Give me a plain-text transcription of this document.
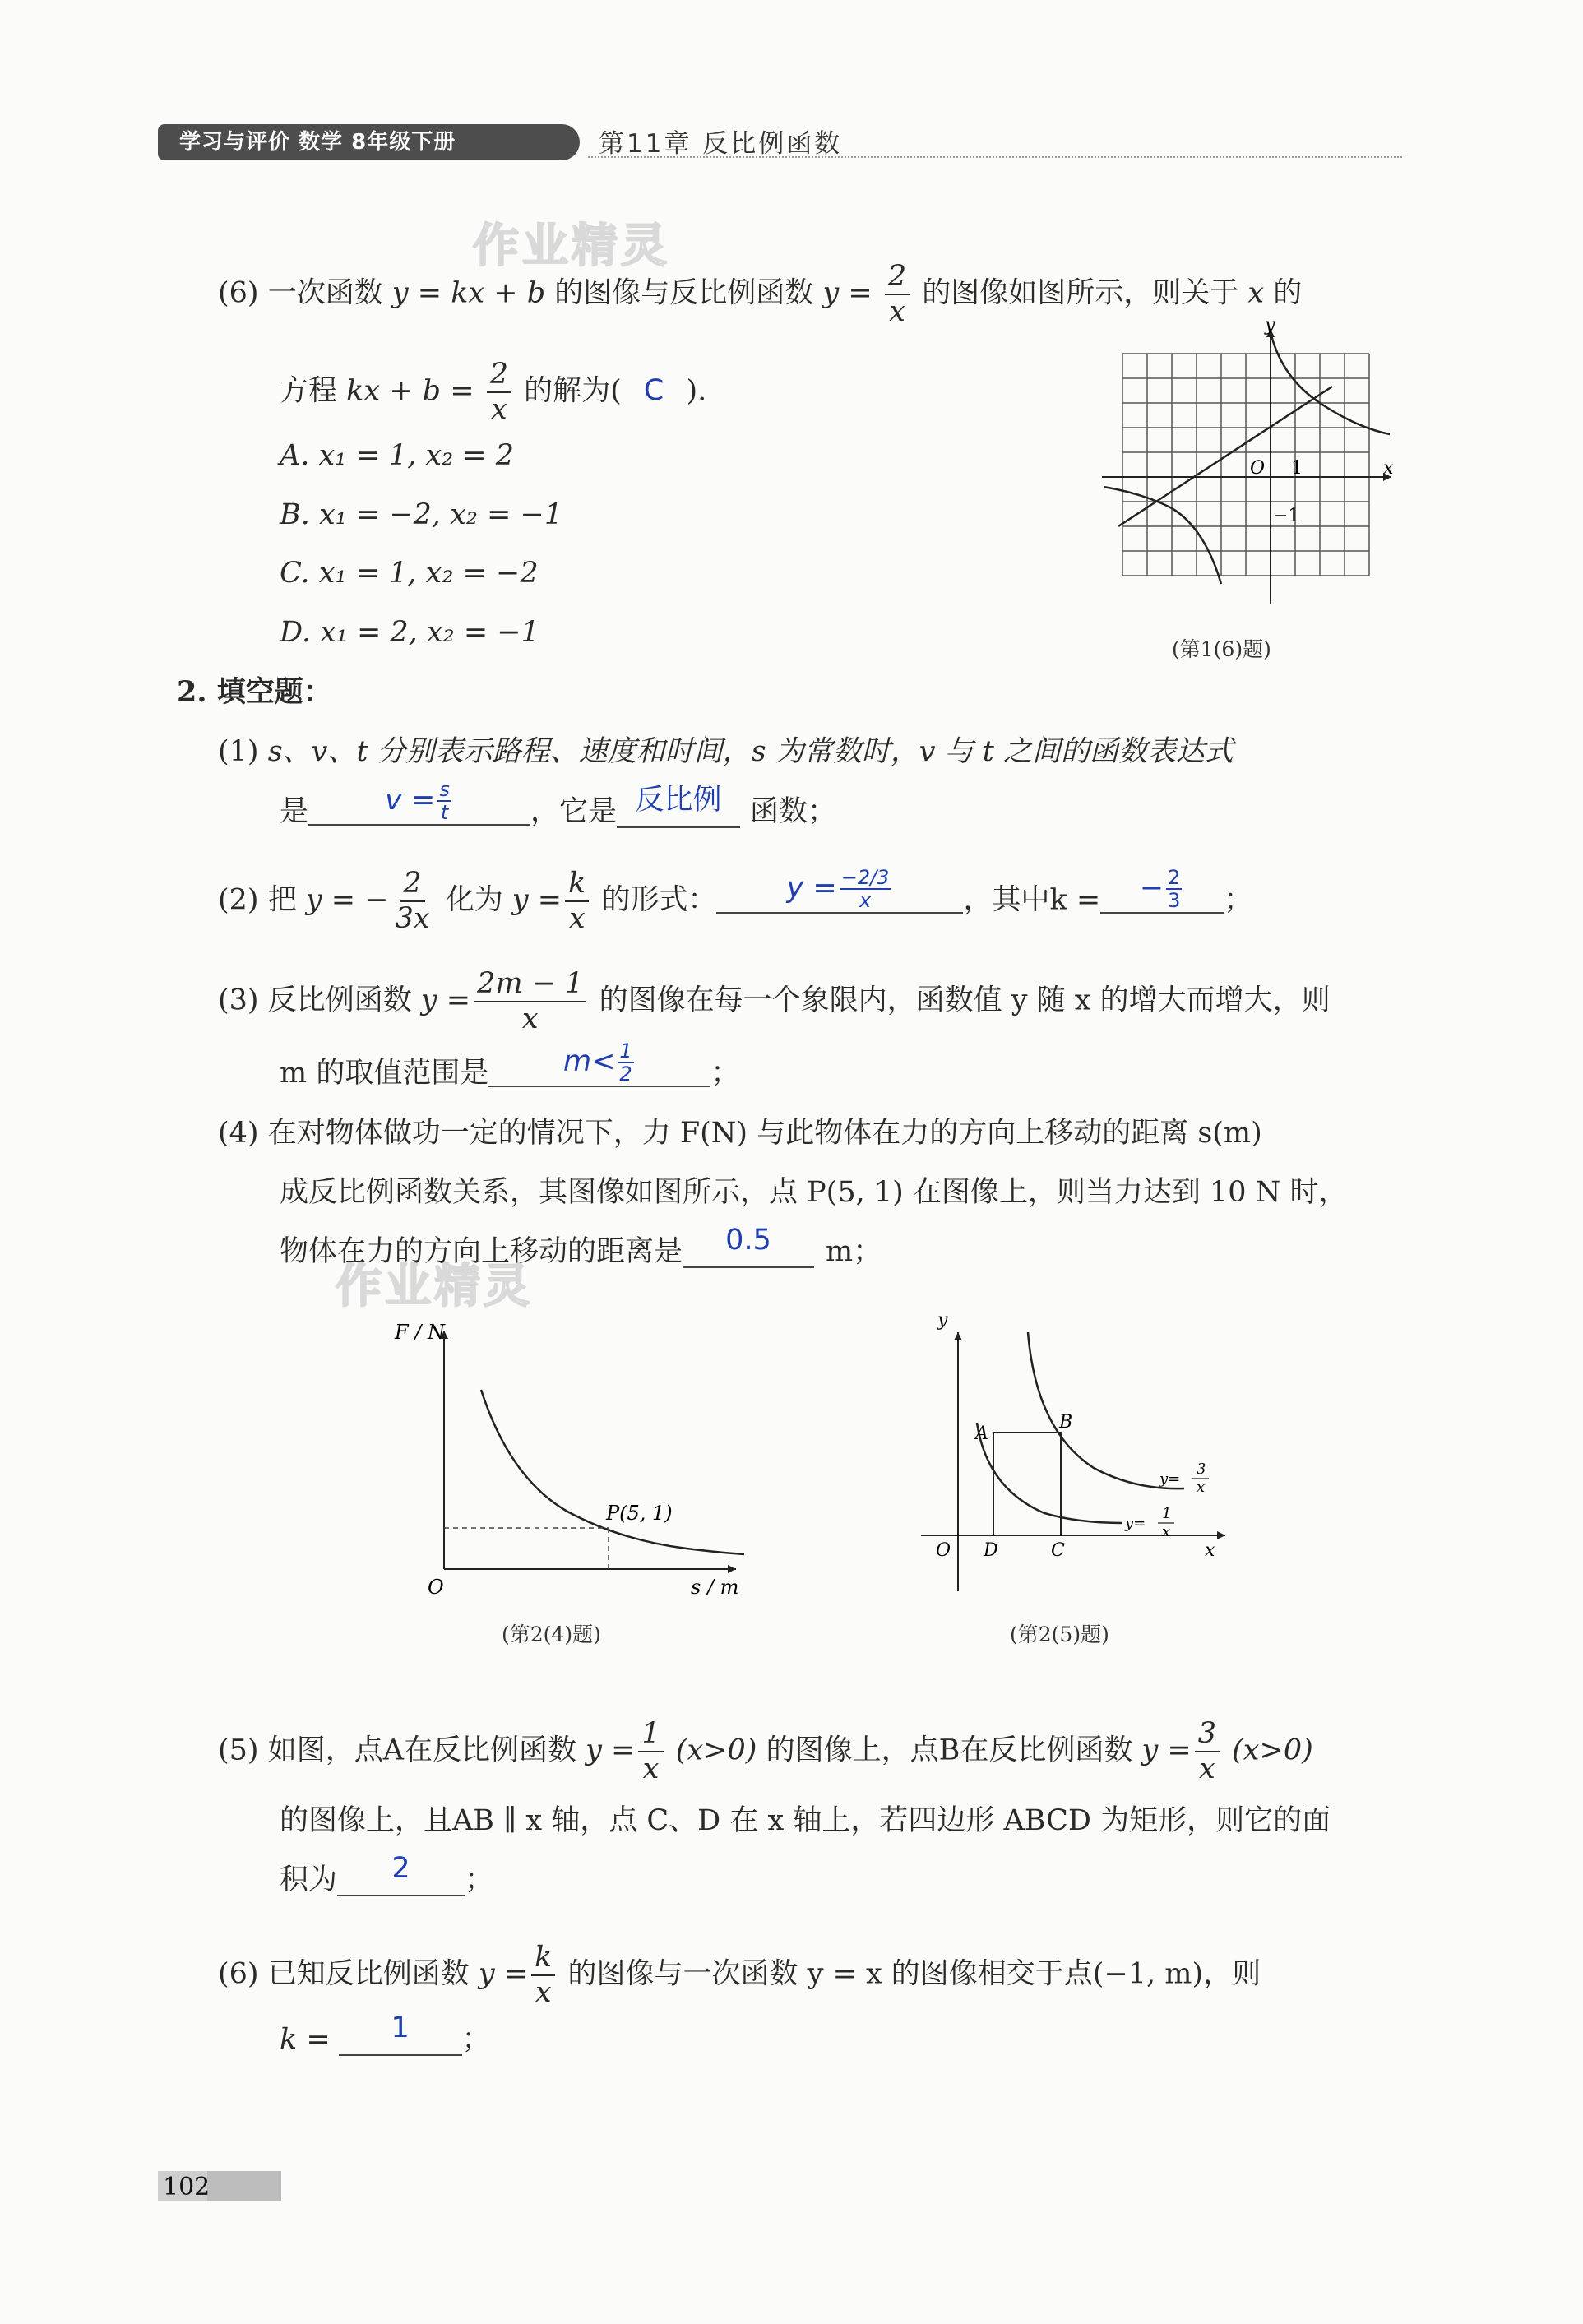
学习与评价 数学 8年级下册	第11章 反比例函数
作业精灵
作业精灵
(6) 一次函数 y = kx + b 的图像与反比例函数 $y = \frac{2}{x}$ 的图像如图所示，则关于 x 的
方程 kx + $b = \frac{2}{x}$ 的解为( C ).
A. x₁ = 1, x₂ = 2
B. x₁ = −2, x₂ = −1
C. x₁ = 1, x₂ = −2
D. x₁ = 2, x₂ = −1
y
x
O 1
−1
(第1(6)题)
2. 填空题：
(1) s、v、t 分别表示路程、速度和时间，s 为常数时，v 与 t 之间的函数表达式
是	$v = \frac{s}{t}$	，它是 反比例 函数；
(2) 把 y = − $\frac{2}{3x}$ 化为 $y = \frac{k}{x}$ 的形式： $y = \frac{-2/3}{x}$	，其中k = − $\frac{2}{3}$ ；
(3) 反比例函数 $y = \frac{2m - 1}{x}$ 的图像在每一个象限内，函数值 y 随 x 的增大而增大，则
m 的取值范围是	$m< \frac{1}{2}$	；
(4) 在对物体做功一定的情况下，力 F(N) 与此物体在力的方向上移动的距离 s(m)
成反比例函数关系，其图像如图所示，点 P(5, 1) 在图像上，则当力达到 10 N 时，
物体在力的方向上移动的距离是 0.5 m；
F / N
s / m
O
P(5, 1)
(第2(4)题)
y
x
O
A
B
C
D
y=
3
x
y=
1
x
(第2(5)题)
(5) 如图，点A在反比例函数 $y = \frac{1}{x} (x>0)$ 的图像上，点B在反比例函数 $y = \frac{3}{x} (x>0)$
的图像上，且AB ∥ x 轴，点 C、D 在 x 轴上，若四边形 ABCD 为矩形，则它的面
积为 2 ；
(6) 已知反比例函数 $y = \frac{k}{x}$ 的图像与一次函数 y = x 的图像相交于点(−1, m)，则
k = 1 ；
102
